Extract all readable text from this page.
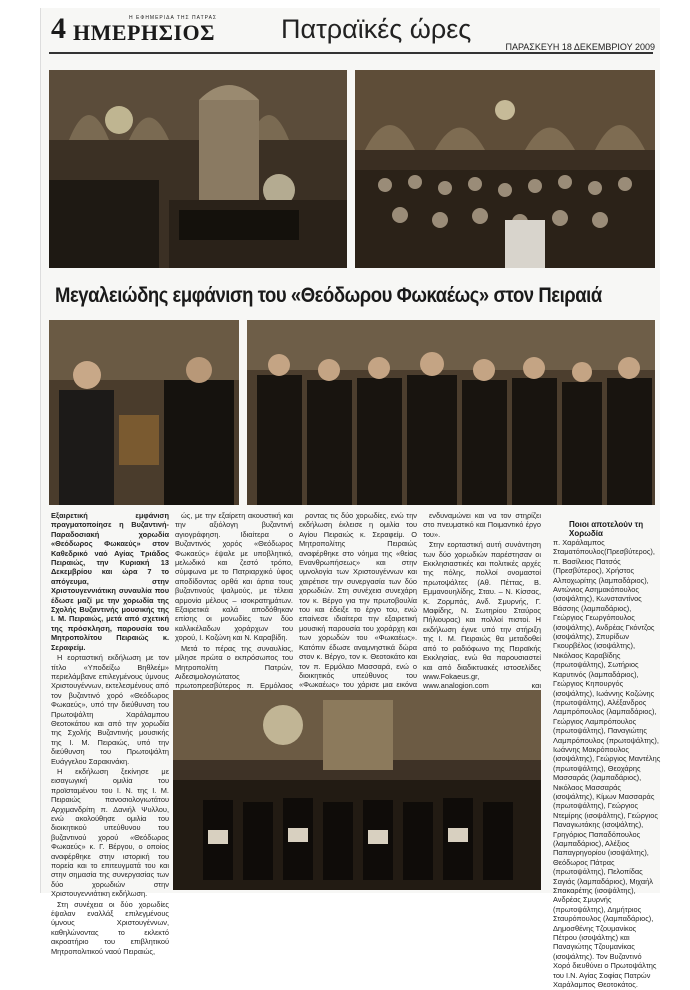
4	Η ΕΦΗΜΕΡΙΔΑ ΤΗΣ ΠΑΤΡΑΣ
ΗΜΕΡΗΣΙΟΣ Πατραϊκές ώρες
ΠΑΡΑΣΚΕΥΗ 18 ΔΕΚΕΜΒΡΙΟΥ 2009
Μεγαλειώδης εμφάνιση του «Θεόδωρου Φωκαέως» στον Πειραιά

Εξαιρετική εμφάνιση πραγματοποίησε η Βυζαντινή-Παραδοσιακή χορωδία «Θεόδωρος Φωκαεύς» στον Καθεδρικό ναό Αγίας Τριάδος Πειραιώς, την Κυριακή 13 Δεκεμβρίου και ώρα 7 το απόγευμα, στην Χριστουγεννιάτικη συναυλία που έδωσε μαζί με την χορωδία της Σχολής Βυζαντινής μουσικής της Ι. Μ. Πειραιώς, μετά από σχετική της πρόσκληση, παρουσία του Μητροπολίτου Πειραιώς κ. Σεραφείμ.

Η εορταστική εκδήλωση με τον τίτλο «Υποδείξω Βηθλεέμ» περιελάμβανε επιλεγμένους ύμνους Χριστουγέννων, εκτελεσμένους από τον βυζαντινό χορό «Θεόδωρος Φωκαεύς», υπό την διεύθυνση του Πρωτοψάλτη Χαράλαμπου Θεοτοκάτου και από την χορωδία της Σχολής Βυζαντινής μουσικής της Ι. Μ. Πειραιώς, υπό την διεύθυνση του Πρωτοψάλτη Ευάγγελου Σαρακινάκη.

Η εκδήλωση ξεκίνησε με εισαγωγική ομιλία του προϊσταμένου του Ι. Ν. της Ι. Μ. Πειραιώς πανοσιολογιωτάτου Αρχιμανδρίτη π. Δανιήλ Ψυλλου, ενώ ακολούθησε ομιλία του διοικητικού υπεύθυνου του βυζαντινού χορού «Θεόδωρος Φωκαεύς» κ. Γ. Βέργου, ο οποίος αναφέρθηκε στην ιστορική του πορεία και το επιτευγματά του και στην σημασία της συνεργασίας των δύο χορωδιών στην Χριστουγεννιάτικη εκδήλωση.

Στη συνέχεια οι δύο χορωδίες έψαλαν εναλλάξ επιλεγμένους ύμνους Χριστουγέννων, καθηλώνοντας το εκλεκτό ακροατήριο του επιβλητικού Μητροπολιτικού ναού Πειραιώς,

ώς, με την εξαίρετη ακουστική και την αξιόλογη βυζαντινή αγιογράφηση. Ιδιαίτερα ο Βυζαντινός χορός «Θεόδωρος Φωκαεύς» έψαλε με υποβλητικό, μελωδικό και ζεστό τρόπο, σύμφωνα με το Πατριαρχικό ύφος αποδίδοντας ορθά και άρτια τους βυζαντινούς ψαλμούς, με τέλεια αρμονία μέλους – ισοκρατημάτων. Εξαιρετικά καλά αποδόθηκαν επίσης οι μονωδίες των δύο καλλικέλαδων χοράρχων του χορού, Ι. Κοζώνη και Ν. Καραβίδη.

Μετά το πέρας της συναυλίας, μίλησε πρώτα ο εκπρόσωπος του Μητροπολίτη Πατρών, Αιδεσιμολογιώτατος πρωτοπρεσβύτερος π. Ερμόλαος

ροντας τις δύο χορωδίες, ενώ την εκδήλωση έκλεισε η ομιλία του Αγίου Πειραιώς κ. Σεραφείμ. Ο Μητροπολίτης Πειραιώς αναφέρθηκε στο νόημα της «θείας Ενανθρωπήσεως» και στην υμνολογία των Χριστουγέννων και χαιρέτισε την συνεργασία των δύο χορωδιών. Στη συνέχεια συνεχάρη τον κ. Βέργο για την πρωτοβουλία του και έδειξε το έργο του, ενώ επαίνεσε ιδιαίτερα την εξαιρετική μουσική παρουσία του χοράρχη και των χορωδών του «Φωκαέως». Κατόπιν έδωσε αναμνηστικά δώρα στον κ. Βέργο, τον κ. Θεοτοκάτο και τον π. Ερμόλαο Μασσαρά, ενώ ο διοικητικός υπεύθυνος του «Φωκαέως» του χάρισε μια εικόνα

ενδυναμώνει και να τον στηρίζει στο πνευματικό και Ποιμαντικό έργο του».

Στην εορταστική αυτή συνάντηση των δύο χορωδιών παρέστησαν οι Εκκλησιαστικές και πολιτικές αρχές της πόλης, πολλοί ονομαστοί πρωτοψάλτες (Αθ. Πέττας, Β. Εμμανουηλίδης, Σταυ. – Ν. Κίσσας, Κ. Ζορμπάς, Ανδ. Σμυρνής, Γ. Μαφίδης, Ν. Σωτηρίου Σταύρος Πήλιουρας) και πολλοί πιστοί. Η εκδήλωση έγινε υπό την στήριξη της Ι. Μ. Πειραιώς θα μεταδοθεί από το ραδιόφωνο της Πειραϊκής Εκκλησίας, ενώ θα παρουσιαστεί και από διαδικτυακές ιστοσελίδες www.Fokaeus.gr, www.analogion.com και

Ποιοι αποτελούν τη Χορωδία
π. Χαράλαμπος Σταματόπουλος(Πρεσβύτερος), π. Βασίλειος Πατσός (Πρεσβύτερος), Χρήστος Αλποχωρίτης (λαμπαδάριος), Αντώνιος Ασημακόπουλος (ισοψάλτης), Κωνσταντίνος Βάσσης (λαμπαδάριος), Γεώργιος Γεωργόπουλος (ισοψάλτης), Ανδρέας Γκόντζος (ισοψάλτης), Σπυρίδων Γκουρβέλος (ισοψάλτης), Νικόλαος Καραβίδης (πρωτοψάλτης), Σωτήριος Καρυτινός (λαμπαδάριος), Γεώργιος Κηπουργός (ισοψάλτης), Ιωάννης Κοζώνης (πρωτοψάλτης), Αλέξανδρος Λαμπρόπουλος (λαμπαδάριος), Γεώργιος Λαμπρόπουλος (πρωτοψάλτης), Παναγιώτης Λαμπρόπουλος (πρωτοψάλτης), Ιωάννης Μακρόπουλος (ισοψάλτης), Γεώργιος Μαντέλης (πρωτοψάλτης), Θεοχάρης Μασσαράς (λαμπαδάριος), Νικόλαος Μασσαράς (ισοψάλτης), Κίμων Μασσαράς (πρωτοψάλτης), Γεώργιος Ντεμίρης (ισοψάλτης), Γεώργιος Παναγιωτάκης (ισοψάλτης), Γρηγόριος Παπαδόπουλος (λαμπαδάριος), Αλέξιος Παπαγρηγορίου (ισοψάλτης), Θεόδωρος Πάτρας (πρωτοψάλτης), Πελοπίδας Σαγιάς (λαμπαδάριος), Μιχαήλ Σπακαρέτης (ισοψάλτης), Ανδρέας Σμυρνής (πρωτοψάλτης), Δημήτριος Σταυρόπουλος (λαμπαδάριος), Δημοσθένης Τζουμανίκος Πέτρου (ισοψάλτης) και Παναγιώτης Τζουμανίκας (ισοψάλτης). Τον Βυζαντινό Χορό διευθύνει ο Πρωτοψάλτης του Ι.Ν. Αγίας Σοφίας Πατρών Χαράλαμπος Θεοτοκάτος.
